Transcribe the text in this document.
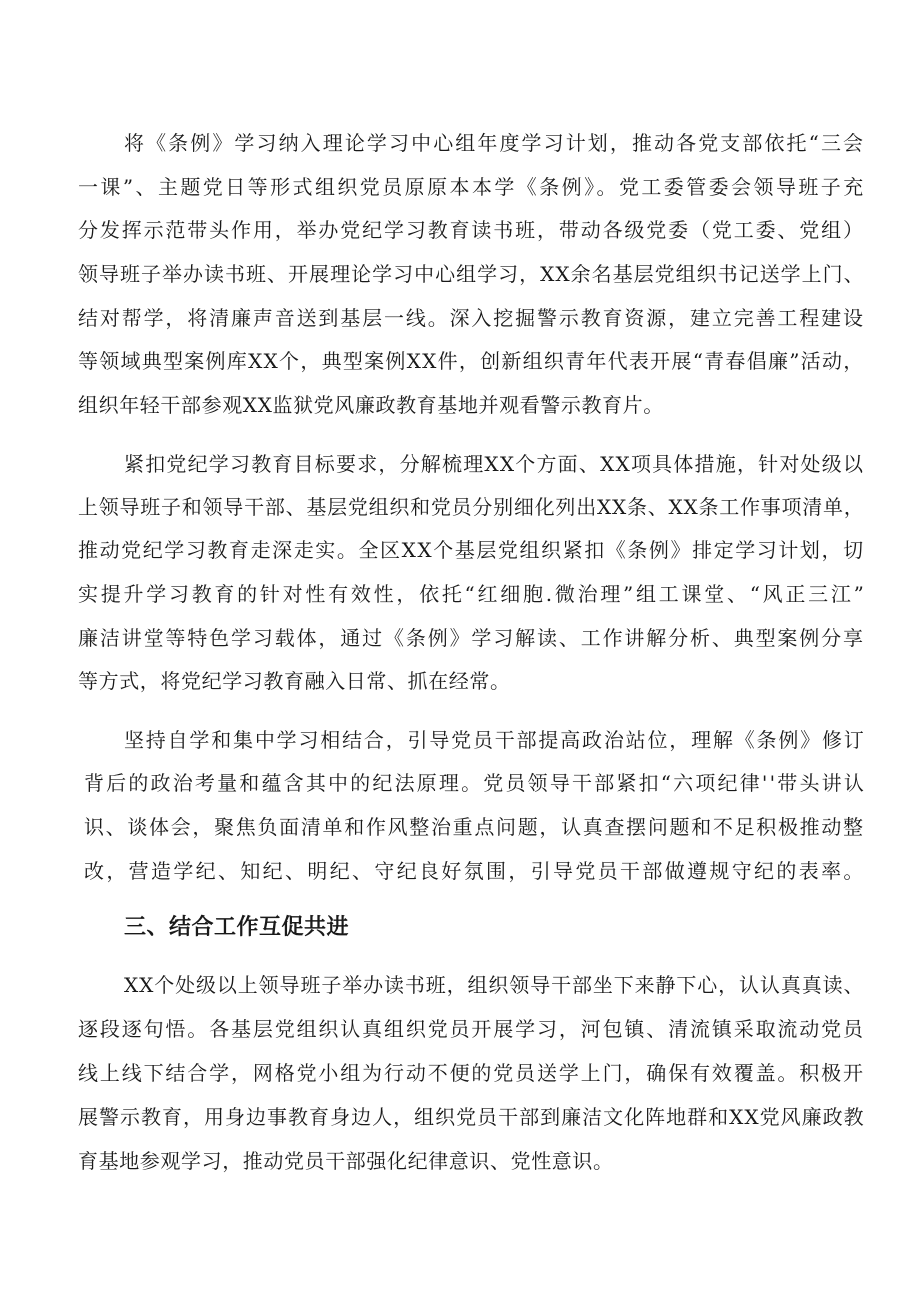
将《条例》学习纳入理论学习中心组年度学习计划，推动各党支部依托“三会
一课”、主题党日等形式组织党员原原本本学《条例》。党工委管委会领导班子充
分发挥示范带头作用，举办党纪学习教育读书班，带动各级党委（党工委、党组）
领导班子举办读书班、开展理论学习中心组学习，XX余名基层党组织书记送学上门、
结对帮学，将清廉声音送到基层一线。深入挖掘警示教育资源，建立完善工程建设
等领域典型案例库XX个，典型案例XX件，创新组织青年代表开展“青春倡廉”活动，
组织年轻干部参观XX监狱党风廉政教育基地并观看警示教育片。
紧扣党纪学习教育目标要求，分解梳理XX个方面、XX项具体措施，针对处级以
上领导班子和领导干部、基层党组织和党员分别细化列出XX条、XX条工作事项清单，
推动党纪学习教育走深走实。全区XX个基层党组织紧扣《条例》排定学习计划，切
实提升学习教育的针对性有效性，依托“红细胞.微治理”组工课堂、“风正三江”
廉洁讲堂等特色学习载体，通过《条例》学习解读、工作讲解分析、典型案例分享
等方式，将党纪学习教育融入日常、抓在经常。
坚持自学和集中学习相结合，引导党员干部提高政治站位，理解《条例》修订
背后的政治考量和蕴含其中的纪法原理。党员领导干部紧扣“六项纪律''带头讲认
识、谈体会，聚焦负面清单和作风整治重点问题，认真查摆问题和不足积极推动整
改，营造学纪、知纪、明纪、守纪良好氛围，引导党员干部做遵规守纪的表率。
三、结合工作互促共进
XX个处级以上领导班子举办读书班，组织领导干部坐下来静下心，认认真真读、
逐段逐句悟。各基层党组织认真组织党员开展学习，河包镇、清流镇采取流动党员
线上线下结合学，网格党小组为行动不便的党员送学上门，确保有效覆盖。积极开
展警示教育，用身边事教育身边人，组织党员干部到廉洁文化阵地群和XX党风廉政教
育基地参观学习，推动党员干部强化纪律意识、党性意识。
